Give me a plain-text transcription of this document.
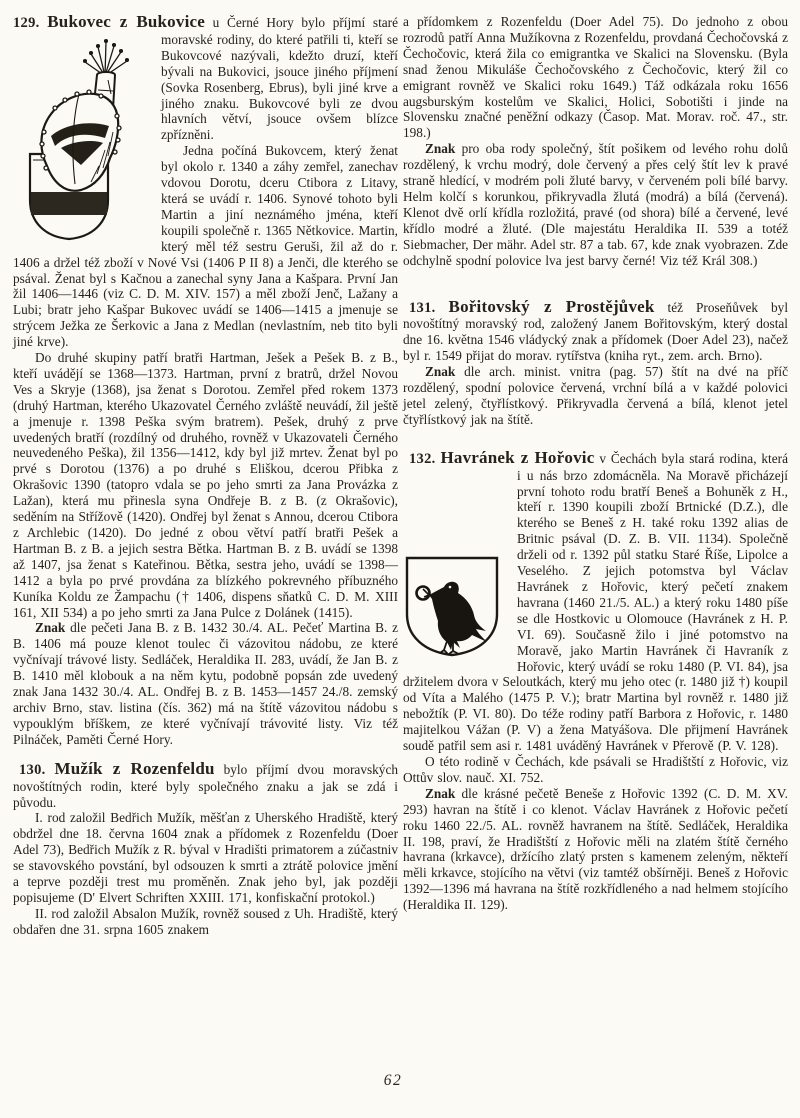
129. Bukovec z Bukovice u Černé Hory bylo příjmí staré moravské rodiny, do které patřili ti, kteří se Bukovcové nazývali, kdežto druzí, kteří bývali na Bukovici, jsouce jiného příjmení (Sovka Rosenberg, Ebrus), byli jiné krve a jiného znaku. Bukovcové byli ze dvou hlavních větví, jsouce ovšem blízce zpřízněni.

Jedna počíná Bukovcem, který ženat byl okolo r. 1340 a záhy zemřel, zanechav vdovou Dorotu, dceru Ctibora z Litavy, která se uvádí r. 1406. Synové tohoto byli Martin a jiní neznámého jména, kteří koupili společně r. 1365 Nětkovice. Martin, který měl též sestru Geruši, žil až do r. 1406 a držel též zboží v Nové Vsi (1406 P II 8) a Jenči, dle kterého se psával. Ženat byl s Kačnou a zanechal syny Jana a Kašpara. První Jan žil 1406—1446 (viz C. D. M. XIV. 157) a měl zboží Jenč, Lažany a Lubi; bratr jeho Kašpar Bukovec uvádí se 1406—1415 a jmenuje se strýcem Ježka ze Šerkovic a Jana z Medlan (nevlastním, neb tito byli jiné krve).

Do druhé skupiny patří bratři Hartman, Ješek a Pešek B. z B., kteří uvádějí se 1368—1373. Hartman, první z bratrů, držel Novou Ves a Skryje (1368), jsa ženat s Dorotou. Zemřel před rokem 1373 (druhý Hartman, kterého Ukazovatel Černého zvláště neuvádí, žil ještě a jmenuje r. 1398 Peška svým bratrem). Pešek, druhý z prve uvedených bratří (rozdílný od druhého, rovněž v Ukazovateli Černého neuvedeného Peška), žil 1356—1412, kdy byl již mrtev. Ženat byl po prvé s Dorotou (1376) a po druhé s Eliškou, dcerou Přibka z Okrašovic 1390 (tatopro vdala se po jeho smrti za Jana Provázka z Lažan), která mu přinesla syna Ondřeje B. z B. (z Okrašovic), seděním na Střížově (1420). Ondřej byl ženat s Annou, dcerou Ctibora z Archlebic (1420). Do jedné z obou větví patří bratři Pešek a Hartman B. z B. a jejich sestra Bětka. Hartman B. z B. uvádí se 1398 až 1407, jsa ženat s Kateřinou. Bětka, sestra jeho, uvádí se 1398—1412 a byla po prvé provdána za blízkého pokrevného příbuzného Kuníka Koldu ze Žampachu († 1406, dispens sňatků C. D. M. XIII 161, XII 534) a po jeho smrti za Jana Pulce z Dolánek (1415).

Znak dle pečeti Jana B. z B. 1432 30./4. AL. Pečeť Martina B. z B. 1406 má pouze klenot toulec či vázovitou nádobu, ze které vyčnívají trávové listy. Sedláček, Heraldika II. 283, uvádí, že Jan B. z B. 1410 měl klobouk a na něm kytu, podobně popsán zde uvedený znak Jana 1432 30./4. AL. Ondřej B. z B. 1453—1457 24./8. zemský archiv Brno, stav. listina (čís. 362) má na štítě vázovitou nádobu s vypouklým bříškem, ze které vyčnívají trávovité listy. Viz též Pilnáček, Paměti Černé Hory.

130. Mužík z Rozenfeldu bylo příjmí dvou moravských novoštítných rodin, které byly společného znaku a jak se zdá i původu.

I. rod založil Bedřich Mužík, měšťan z Uherského Hradiště, který obdržel dne 18. června 1604 znak a přídomek z Rozenfeldu (Doer Adel 73), Bedřich Mužík z R. býval v Hradišti primatorem a zúčastniv se stavovského povstání, byl odsouzen k smrti a ztrátě polovice jmění a teprve později trest mu proměněn. Znak jeho byl, jak později popisujeme (D' Elvert Schriften XXIII. 171, konfiskační protokol.)

II. rod založil Absalon Mužík, rovněž soused z Uh. Hradiště, který obdařen dne 31. srpna 1605 znakem

a přídomkem z Rozenfeldu (Doer Adel 75). Do jednoho z obou rozrodů patří Anna Mužíkovna z Rozenfeldu, provdaná Čechočovská z Čechočovic, která žila co emigrantka ve Skalici na Slovensku. (Byla snad ženou Mikuláše Čechočovského z Čechočovic, který žil co emigrant rovněž ve Skalici roku 1649.) Táž odkázala roku 1656 augsburským kostelům ve Skalici, Holici, Sobotišti i jinde na Slovensku značné peněžní odkazy (Časop. Mat. Morav. roč. 47., str. 198.)

Znak pro oba rody společný, štít pošikem od levého rohu dolů rozdělený, k vrchu modrý, dole červený a přes celý štít lev k pravé straně hledící, v modrém poli žluté barvy, v červeném poli bílé barvy. Helm kolčí s korunkou, přikryvadla žlutá (modrá) a bílá (červená). Klenot dvě orlí křídla rozložitá, pravé (od shora) bílé a červené, levé křídlo modré a žluté. (Dle majestátu Heraldika II. 539 a totéž Siebmacher, Der mähr. Adel str. 87 a tab. 67, kde znak vyobrazen. Zde odchylně spodní polovice lva jest barvy černé! Viz též Král 308.)

131. Bořitovský z Prostějůvek též Proseňůvek byl novoštítný moravský rod, založený Janem Bořitovským, který dostal dne 16. května 1546 vládycký znak a přídomek (Doer Adel 23), načež byl r. 1549 přijat do morav. rytířstva (kniha ryt., zem. arch. Brno).

Znak dle arch. minist. vnitra (pag. 57) štít na dvé na příč rozdělený, spodní polovice červená, vrchní bílá a v každé polovici jetel zelený, čtyřlístkový. Přikryvadla červená a bílá, klenot jetel čtyřlístkový jak na štítě.

132. Havránek z Hořovic v Čechách byla stará rodina, která i u nás brzo zdomácněla. Na Moravě přicházejí první tohoto rodu bratří Beneš a Bohuněk z H., kteří r. 1390 koupili zboží Brtnické (D.Z.), dle kterého se Beneš z H. také roku 1392 alias de Britnic psával (D. Z. B. VII. 1134). Společně drželi od r. 1392 půl statku Staré Říše, Lipolce a Veselého. Z jejich potomstva byl Václav Havránek z Hořovic, který pečetí znakem havrana (1460 21./5. AL.) a který roku 1480 píše se dle Hostkovic u Olomouce (Havránek z H. P. VI. 69). Současně žilo i jiné potomstvo na Moravě, jako Martin Havránek či Havraník z Hořovic, který uvádí se roku 1480 (P. VI. 84), jsa držitelem dvora v Seloutkách, který mu jeho otec (r. 1480 již †) koupil od Víta a Malého (1475 P. V.); bratr Martina byl rovněž r. 1480 již nebožtík (P. VI. 80). Do téže rodiny patří Barbora z Hořovic, r. 1480 majitelkou Vážan (P. V) a žena Matyášova. Dle přijmení Havránek soudě patřil sem asi r. 1481 uváděný Havránek v Přerově (P. V. 128).

O této rodině v Čechách, kde psávali se Hradištští z Hořovic, viz Ottův slov. nauč. XI. 752.

Znak dle krásné pečetě Beneše z Hořovic 1392 (C. D. M. XV. 293) havran na štítě i co klenot. Václav Havránek z Hořovic pečetí roku 1460 22./5. AL. rovněž havranem na štítě. Sedláček, Heraldika II. 198, praví, že Hradištští z Hořovic měli na zlatém štítě černého havrana (krkavce), držícího zlatý prsten s kamenem zeleným, někteří měli krkavce, stojícího na větvi (viz tamtéž obšírněji. Beneš z Hořovic 1392—1396 má havrana na štítě rozkřídleného a nad helmem stojícího (Heraldika II. 129).

62
